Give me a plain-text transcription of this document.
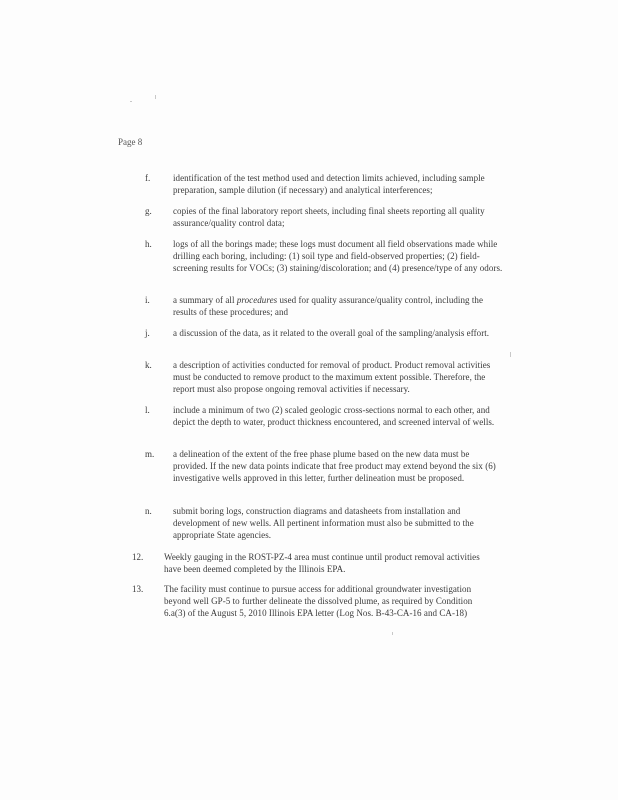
Page 8
f.	identification of the test method used and detection limits achieved, including sample preparation, sample dilution (if necessary) and analytical interferences;
g. copies of the final laboratory report sheets, including final sheets reporting all quality assurance/quality control data;
h. logs of all the borings made; these logs must document all field observations made while drilling each boring, including: (1) soil type and field-observed properties; (2) field-screening results for VOCs; (3) staining/discoloration; and (4) presence/type of any odors.
i.	a summary of all procedures used for quality assurance/quality control, including the results of these procedures; and
j.	a discussion of the data, as it related to the overall goal of the sampling/analysis effort.
k. a description of activities conducted for removal of product. Product removal activities must be conducted to remove product to the maximum extent possible. Therefore, the report must also propose ongoing removal activities if necessary.
l.	include a minimum of two (2) scaled geologic cross-sections normal to each other, and depict the depth to water, product thickness encountered, and screened interval of wells.
m. a delineation of the extent of the free phase plume based on the new data must be provided. If the new data points indicate that free product may extend beyond the six (6) investigative wells approved in this letter, further delineation must be proposed.
n. submit boring logs, construction diagrams and datasheets from installation and development of new wells. All pertinent information must also be submitted to the appropriate State agencies.
12. Weekly gauging in the ROST-PZ-4 area must continue until product removal activities have been deemed completed by the Illinois EPA.
13. The facility must continue to pursue access for additional groundwater investigation beyond well GP-5 to further delineate the dissolved plume, as required by Condition 6.a(3) of the August 5, 2010 Illinois EPA letter (Log Nos. B-43-CA-16 and CA-18)
